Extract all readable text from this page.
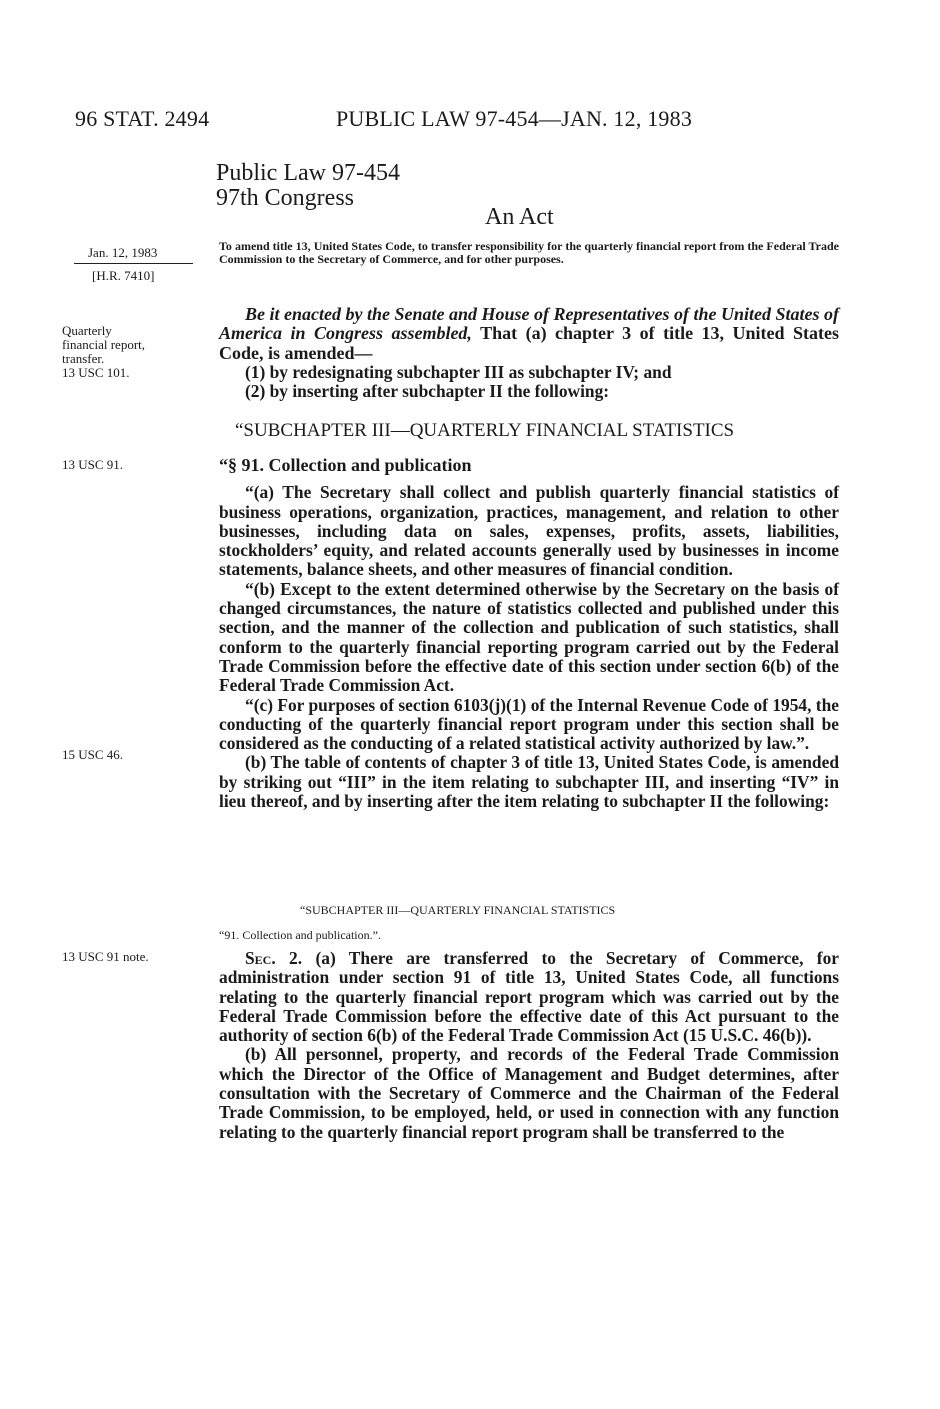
96 STAT. 2494	PUBLIC LAW 97-454—JAN. 12, 1983
Public Law 97-454
97th Congress
An Act
Jan. 12, 1983
[H.R. 7410]
Quarterly
financial report,
transfer.
13 USC 101.
13 USC 91.
15 USC 46.
13 USC 91 note.
To amend title 13, United States Code, to transfer responsibility for the quarterly financial report from the Federal Trade Commission to the Secretary of Commerce, and for other purposes.

Be it enacted by the Senate and House of Representatives of the United States of America in Congress assembled, That (a) chapter 3 of title 13, United States Code, is amended—

(1) by redesignating subchapter III as subchapter IV; and

(2) by inserting after subchapter II the following:

“SUBCHAPTER III—QUARTERLY FINANCIAL STATISTICS

“§ 91. Collection and publication

“(a) The Secretary shall collect and publish quarterly financial statistics of business operations, organization, practices, management, and relation to other businesses, including data on sales, expenses, profits, assets, liabilities, stockholders’ equity, and related accounts generally used by businesses in income statements, balance sheets, and other measures of financial condition.

“(b) Except to the extent determined otherwise by the Secretary on the basis of changed circumstances, the nature of statistics collected and published under this section, and the manner of the collection and publication of such statistics, shall conform to the quarterly financial reporting program carried out by the Federal Trade Commission before the effective date of this section under section 6(b) of the Federal Trade Commission Act.

“(c) For purposes of section 6103(j)(1) of the Internal Revenue Code of 1954, the conducting of the quarterly financial report program under this section shall be considered as the conducting of a related statistical activity authorized by law.”.

(b) The table of contents of chapter 3 of title 13, United States Code, is amended by striking out “III” in the item relating to subchapter III, and inserting “IV” in lieu thereof, and by inserting after the item relating to subchapter II the following:

“SUBCHAPTER III—QUARTERLY FINANCIAL STATISTICS
“91. Collection and publication.”.

Sec. 2. (a) There are transferred to the Secretary of Commerce, for administration under section 91 of title 13, United States Code, all functions relating to the quarterly financial report program which was carried out by the Federal Trade Commission before the effective date of this Act pursuant to the authority of section 6(b) of the Federal Trade Commission Act (15 U.S.C. 46(b)).

(b) All personnel, property, and records of the Federal Trade Commission which the Director of the Office of Management and Budget determines, after consultation with the Secretary of Commerce and the Chairman of the Federal Trade Commission, to be employed, held, or used in connection with any function relating to the quarterly financial report program shall be transferred to the
